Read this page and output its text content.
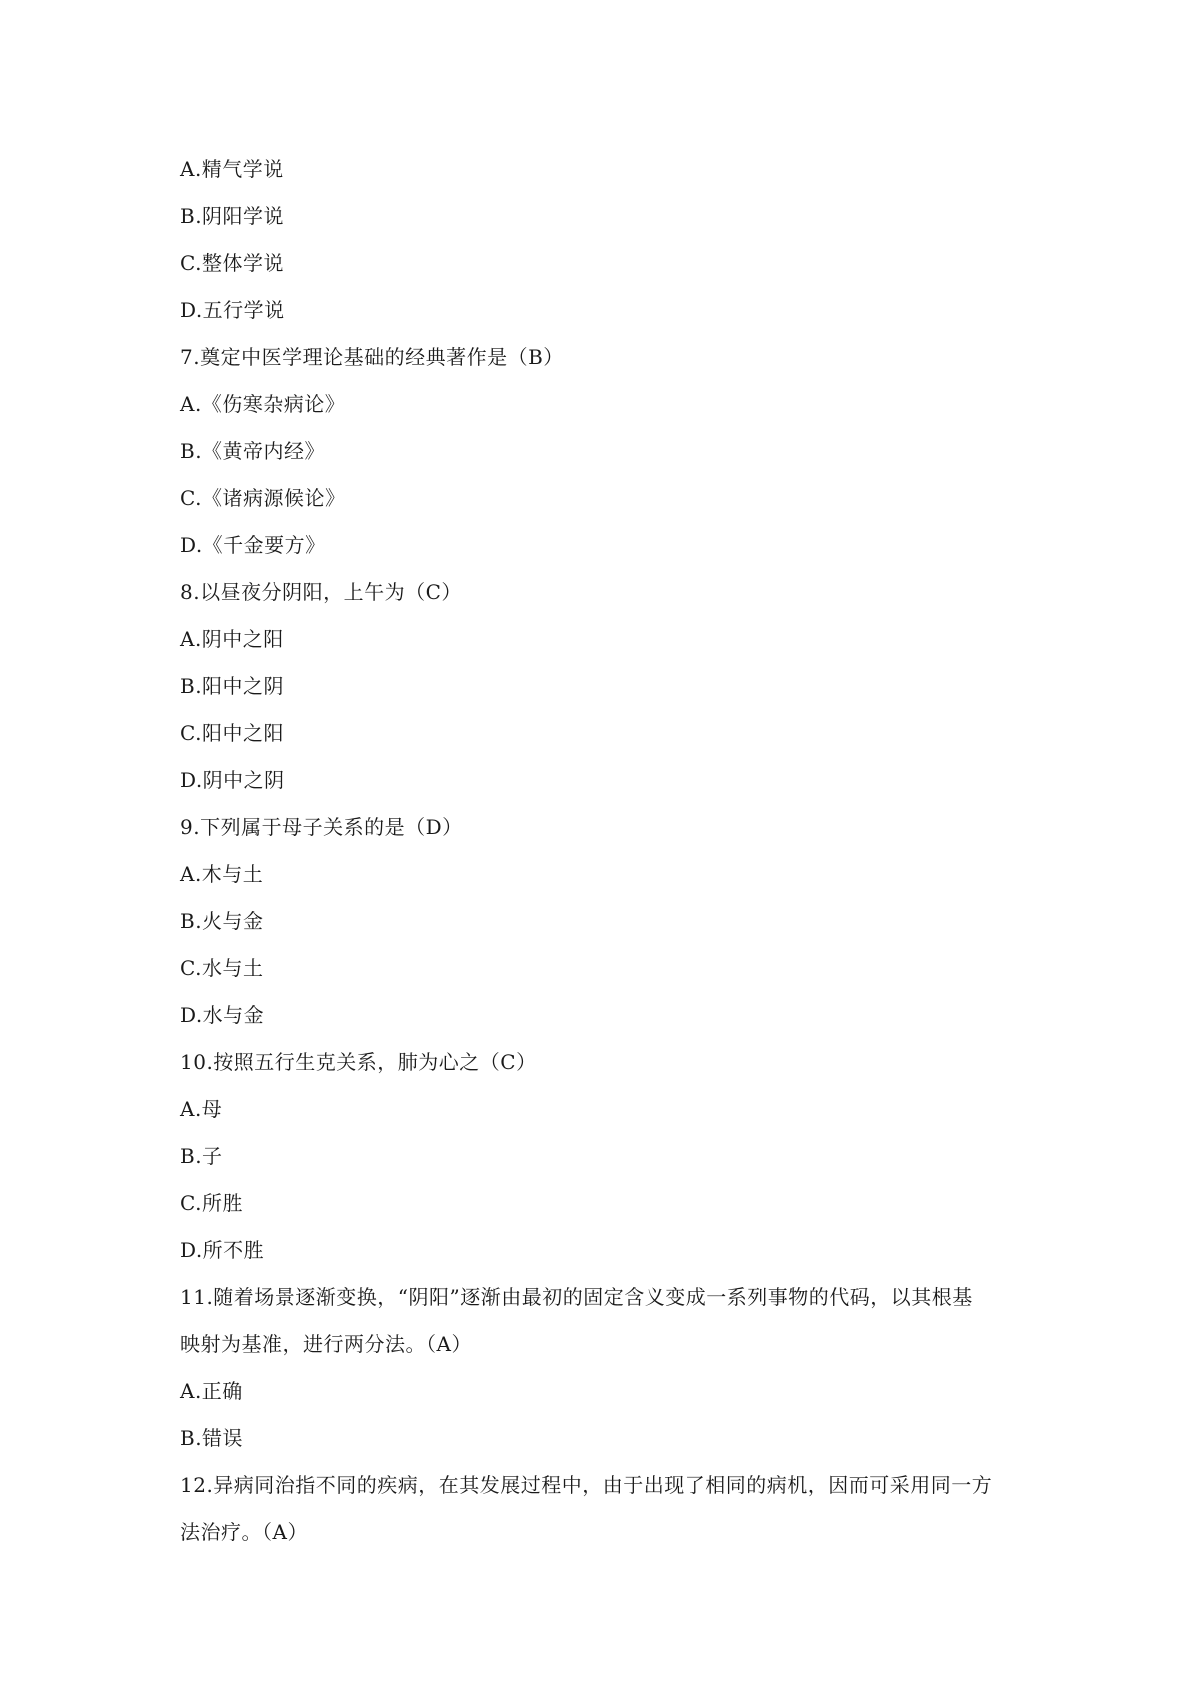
A.精气学说
B.阴阳学说
C.整体学说
D.五行学说
7.奠定中医学理论基础的经典著作是（B）
A.《伤寒杂病论》
B.《黄帝内经》
C.《诸病源候论》
D.《千金要方》
8.以昼夜分阴阳，上午为（C）
A.阴中之阳
B.阳中之阴
C.阳中之阳
D.阴中之阴
9.下列属于母子关系的是（D）
A.木与土
B.火与金
C.水与土
D.水与金
10.按照五行生克关系，肺为心之（C）
A.母
B.子
C.所胜
D.所不胜
11.随着场景逐渐变换，“阴阳”逐渐由最初的固定含义变成一系列事物的代码，以其根基
映射为基准，进行两分法。（A）
A.正确
B.错误
12.异病同治指不同的疾病，在其发展过程中，由于出现了相同的病机，因而可采用同一方
法治疗。（A）
